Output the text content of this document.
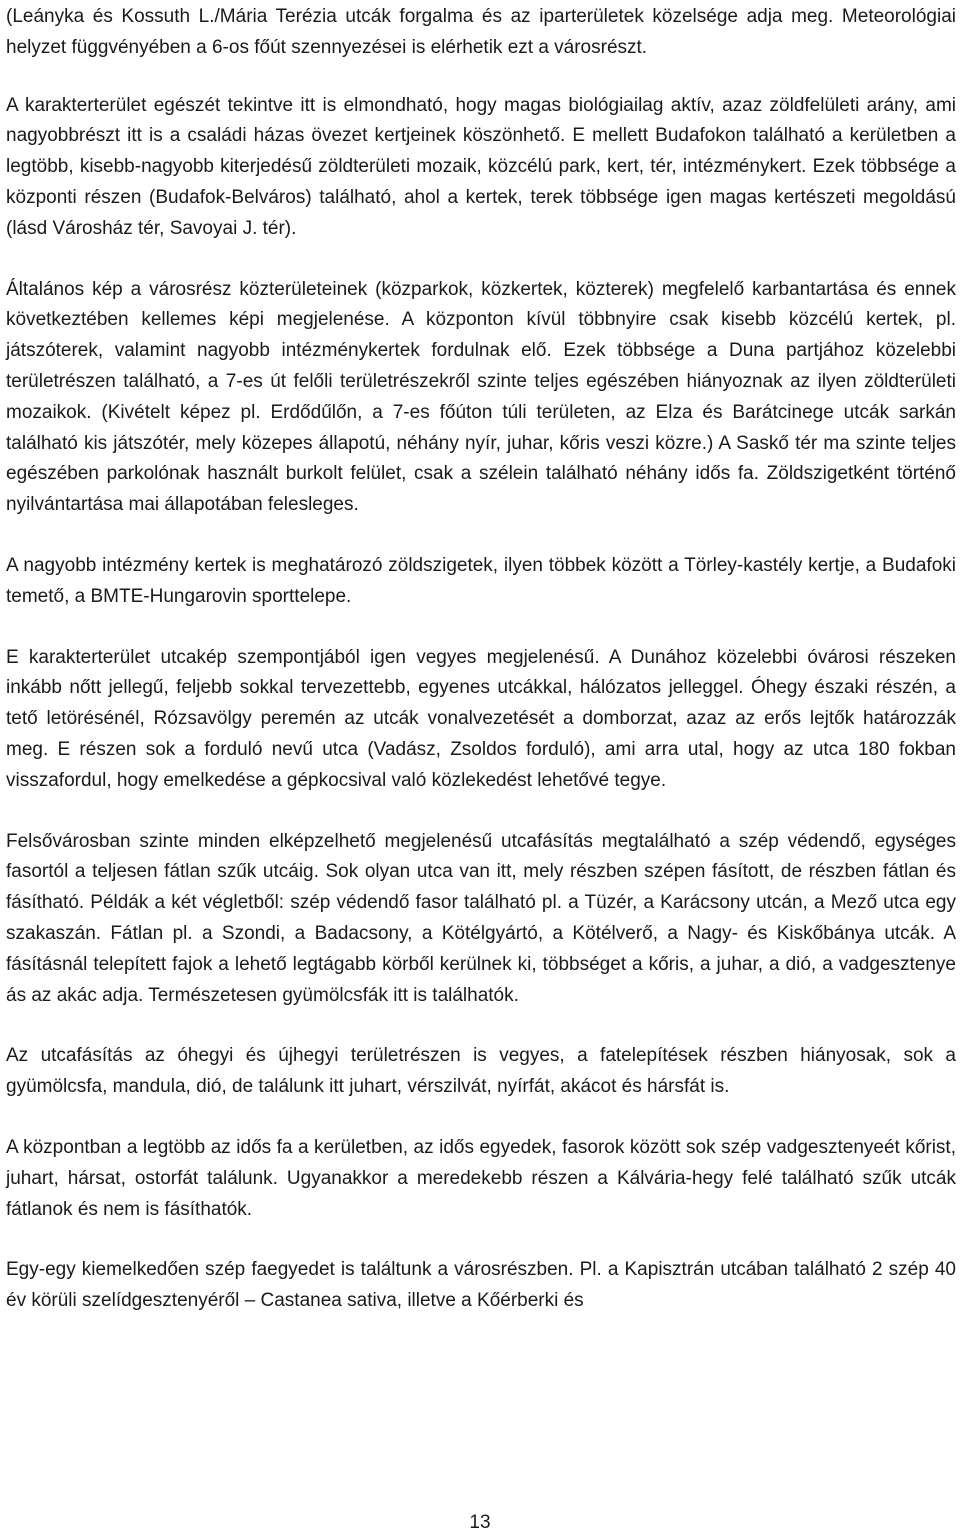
(Leányka és Kossuth L./Mária Terézia utcák forgalma és az iparterületek közelsége adja meg. Meteorológiai helyzet függvényében a 6-os főút szennyezései is elérhetik ezt a városrészt.

A karakterterület egészét tekintve itt is elmondható, hogy magas biológiailag aktív, azaz zöldfelületi arány, ami nagyobbrészt itt is a családi házas övezet kertjeinek köszönhető. E mellett Budafokon található a kerületben a legtöbb, kisebb-nagyobb kiterjedésű zöldterületi mozaik, közcélú park, kert, tér, intézménykert. Ezek többsége a központi részen (Budafok-Belváros) található, ahol a kertek, terek többsége igen magas kertészeti megoldású (lásd Városház tér, Savoyai J. tér).

Általános kép a városrész közterületeinek (közparkok, közkertek, közterek) megfelelő karbantartása és ennek következtében kellemes képi megjelenése. A központon kívül többnyire csak kisebb közcélú kertek, pl. játszóterek, valamint nagyobb intézménykertek fordulnak elő. Ezek többsége a Duna partjához közelebbi területrészen található, a 7-es út felőli területrészekről szinte teljes egészében hiányoznak az ilyen zöldterületi mozaikok. (Kivételt képez pl. Erdődűlőn, a 7-es főúton túli területen, az Elza és Barátcinege utcák sarkán található kis játszótér, mely közepes állapotú, néhány nyír, juhar, kőris veszi közre.) A Saskő tér ma szinte teljes egészében parkolónak használt burkolt felület, csak a szélein található néhány idős fa. Zöldszigetként történő nyilvántartása mai állapotában felesleges.

A nagyobb intézmény kertek is meghatározó zöldszigetek, ilyen többek között a Törley-kastély kertje, a Budafoki temető, a BMTE-Hungarovin sporttelepe.

E karakterterület utcakép szempontjából igen vegyes megjelenésű. A Dunához közelebbi óvárosi részeken inkább nőtt jellegű, feljebb sokkal tervezettebb, egyenes utcákkal, hálózatos jelleggel. Óhegy északi részén, a tető letörésénél, Rózsavölgy peremén az utcák vonalvezetését a domborzat, azaz az erős lejtők határozzák meg. E részen sok a forduló nevű utca (Vadász, Zsoldos forduló), ami arra utal, hogy az utca 180 fokban visszafordul, hogy emelkedése a gépkocsival való közlekedést lehetővé tegye.

Felsővárosban szinte minden elképzelhető megjelenésű utcafásítás megtalálható a szép védendő, egységes fasortól a teljesen fátlan szűk utcáig. Sok olyan utca van itt, mely részben szépen fásított, de részben fátlan és fásítható. Példák a két végletből: szép védendő fasor található pl. a Tüzér, a Karácsony utcán, a Mező utca egy szakaszán. Fátlan pl. a Szondi, a Badacsony, a Kötélgyártó, a Kötélverő, a Nagy- és Kiskőbánya utcák. A fásításnál telepített fajok a lehető legtágabb körből kerülnek ki, többséget a kőris, a juhar, a dió, a vadgesztenye ás az akác adja. Természetesen gyümölcsfák itt is találhatók.

Az utcafásítás az óhegyi és újhegyi területrészen is vegyes, a fatelepítések részben hiányosak, sok a gyümölcsfa, mandula, dió, de találunk itt juhart, vérszilvát, nyírfát, akácot és hársfát is.

A központban a legtöbb az idős fa a kerületben, az idős egyedek, fasorok között sok szép vadgesztenyeét kőrist, juhart, hársat, ostorfát találunk. Ugyanakkor a meredekebb részen a Kálvária-hegy felé található szűk utcák fátlanok és nem is fásíthatók.

Egy-egy kiemelkedően szép faegyedet is találtunk a városrészben. Pl. a Kapisztrán utcában található 2 szép 40 év körüli szelídgesztenyéről – Castanea sativa, illetve a Kőérberki és

13
